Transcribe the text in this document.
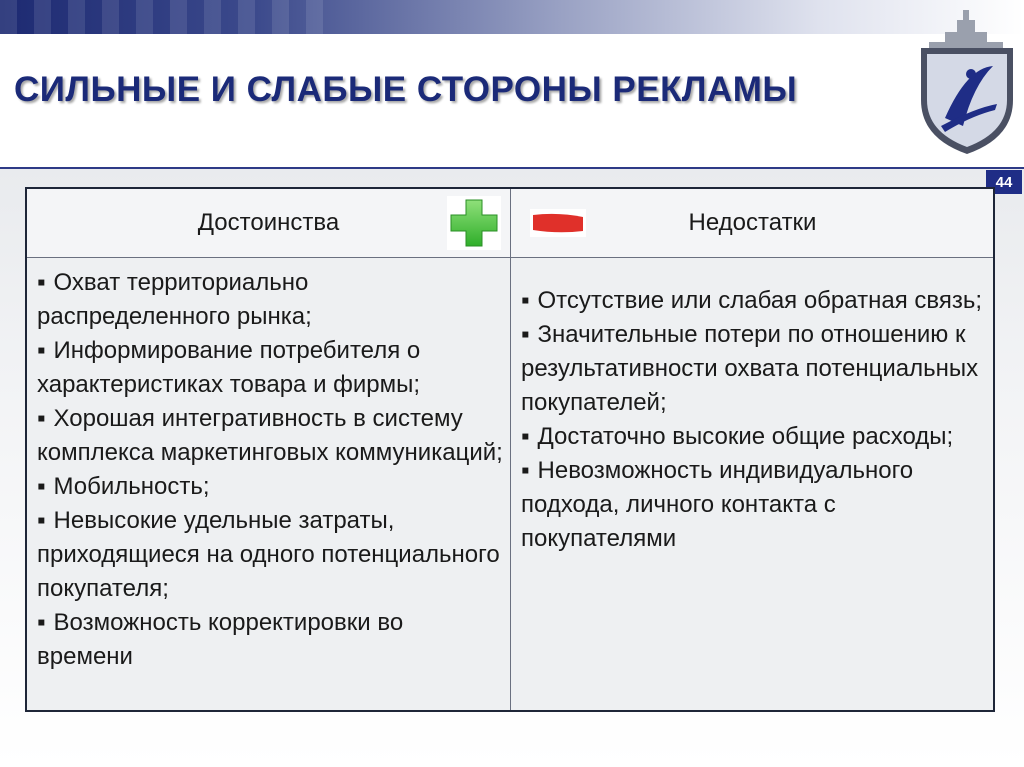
СИЛЬНЫЕ И СЛАБЫЕ СТОРОНЫ РЕКЛАМЫ
44
Достоинства	Недостатки
▪ Охват территориально распределенного рынка;
▪ Информирование потребителя о характеристиках товара и фирмы;
▪ Хорошая интегративность в систему комплекса маркетинговых коммуникаций;
▪ Мобильность;
▪ Невысокие удельные затраты, приходящиеся на одного потенциального покупателя;
▪ Возможность корректировки во времени
▪ Отсутствие или слабая обратная связь;
▪ Значительные потери по отношению к результативности охвата потенциальных покупателей;
▪ Достаточно высокие общие расходы;
▪ Невозможность индивидуального подхода, личного контакта с покупателями
